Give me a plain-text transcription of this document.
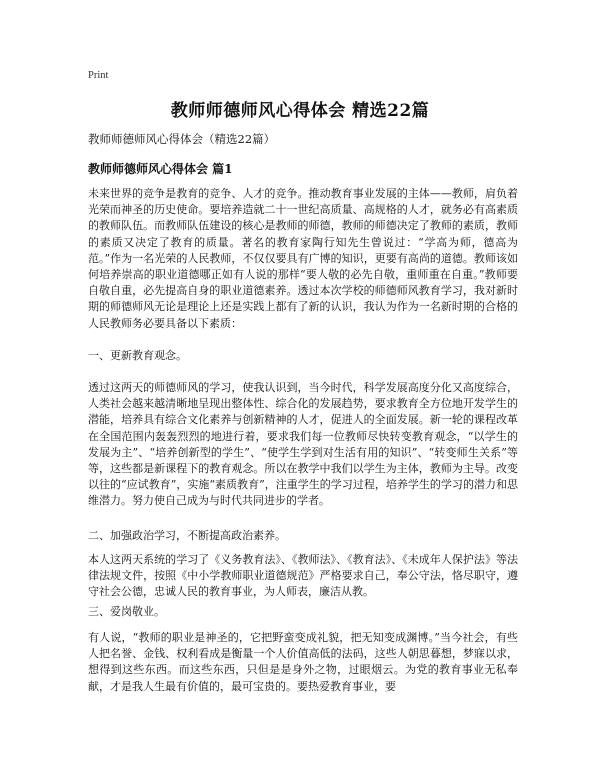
Print
教师师德师风心得体会 精选22篇
教师师德师风心得体会（精选22篇）
教师师德师风心得体会 篇1
未来世界的竞争是教育的竞争、人才的竞争。推动教育事业发展的主体——教师，肩负着光荣而神圣的历史使命。要培养造就二十一世纪高质量、高规格的人才，就务必有高素质的教师队伍。而教师队伍建设的核心是教师的师德，教师的师德决定了教师的素质，教师的素质又决定了教育的质量。著名的教育家陶行知先生曾说过：“学高为师，德高为范。”作为一名光荣的人民教师，不仅仅要具有广博的知识，更要有高尚的道德。教师该如何培养崇高的职业道德哪正如有人说的那样“要人敬的必先自敬，重师重在自重。”教师要自敬自重，必先提高自身的职业道德素养。透过本次学校的师德师风教育学习，我对新时期的师德师风无论是理论上还是实践上都有了新的认识，我认为作为一名新时期的合格的人民教师务必要具备以下素质：
一、更新教育观念。
透过这两天的师德师风的学习，使我认识到，当今时代，科学发展高度分化又高度综合，人类社会越来越清晰地呈现出整体性、综合化的发展趋势，要求教育全方位地开发学生的潜能，培养具有综合文化素养与创新精神的人才，促进人的全面发展。新一轮的课程改革在全国范围内轰轰烈烈的地进行着，要求我们每一位教师尽快转变教育观念，“以学生的发展为主”、“培养创新型的学生”、“使学生学到对生活有用的知识”、“转变师生关系”等等，这些都是新课程下的教育观念。所以在教学中我们以学生为主体，教师为主导。改变以往的“应试教育”，实施“素质教育”，注重学生的学习过程，培养学生的学习的潜力和思维潜力。努力使自己成为与时代共同进步的学者。
二、加强政治学习，不断提高政治素养。
本人这两天系统的学习了《义务教育法》、《教师法》、《教育法》、《未成年人保护法》等法律法规文件，按照《中小学教师职业道德规范》严格要求自己，奉公守法，恪尽职守，遵守社会公德，忠诚人民的教育事业，为人师表，廉洁从教。
三、爱岗敬业。
有人说，“教师的职业是神圣的，它把野蛮变成礼貌，把无知变成渊博。”当今社会，有些人把名誉、金钱、权利看成是衡量一个人价值高低的法码，这些人朝思暮想，梦寐以求，想得到这些东西。而这些东西，只但是是身外之物，过眼烟云。为党的教育事业无私奉献，才是我人生最有价值的，最可宝贵的。要热爱教育事业，要
